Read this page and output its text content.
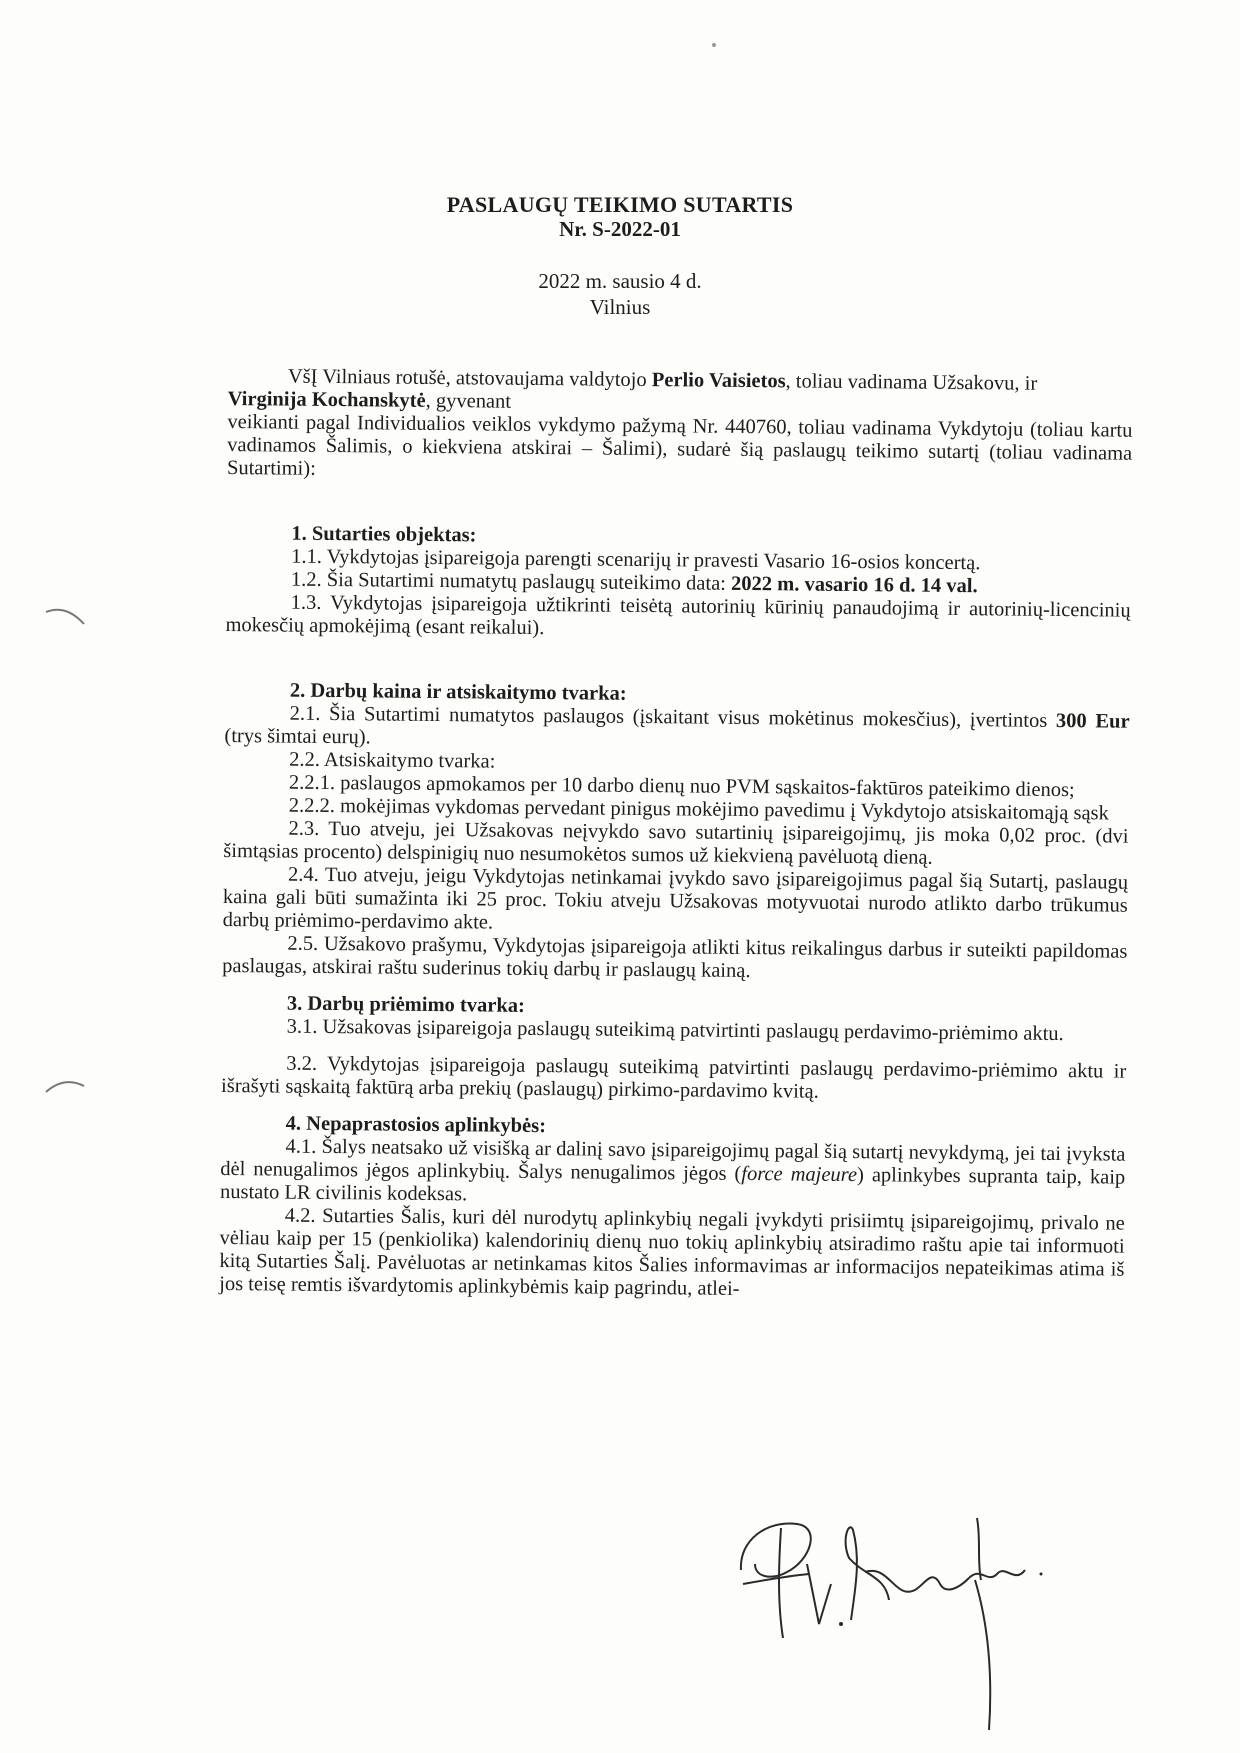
PASLAUGŲ TEIKIMO SUTARTIS
Nr. S-2022-01
2022 m. sausio 4 d.
Vilnius

VšĮ Vilniaus rotušė, atstovaujama valdytojo Perlio Vaisietos, toliau vadinama Užsakovu, ir
Virginija Kochanskytė, gyvenant
veikianti pagal Individualios veiklos vykdymo pažymą Nr. 440760, toliau vadinama Vykdytoju (toliau kartu vadinamos Šalimis, o kiekviena atskirai – Šalimi), sudarė šią paslaugų teikimo sutartį (toliau vadinama Sutartimi):

1. Sutarties objektas:

1.1. Vykdytojas įsipareigoja parengti scenarijų ir pravesti Vasario 16-osios koncertą.

1.2. Šia Sutartimi numatytų paslaugų suteikimo data: 2022 m. vasario 16 d. 14 val.

1.3. Vykdytojas įsipareigoja užtikrinti teisėtą autorinių kūrinių panaudojimą ir autorinių-licencinių mokesčių apmokėjimą (esant reikalui).

2. Darbų kaina ir atsiskaitymo tvarka:

2.1. Šia Sutartimi numatytos paslaugos (įskaitant visus mokėtinus mokesčius), įvertintos 300 Eur (trys šimtai eurų).

2.2. Atsiskaitymo tvarka:

2.2.1. paslaugos apmokamos per 10 darbo dienų nuo PVM sąskaitos-faktūros pateikimo dienos;

2.2.2. mokėjimas vykdomas pervedant pinigus mokėjimo pavedimu į Vykdytojo atsiskaitomąją sąsk

2.3. Tuo atveju, jei Užsakovas neįvykdo savo sutartinių įsipareigojimų, jis moka 0,02 proc. (dvi šimtąsias procento) delspinigių nuo nesumokėtos sumos už kiekvieną pavėluotą dieną.

2.4. Tuo atveju, jeigu Vykdytojas netinkamai įvykdo savo įsipareigojimus pagal šią Sutartį, paslaugų kaina gali būti sumažinta iki 25 proc. Tokiu atveju Užsakovas motyvuotai nurodo atlikto darbo trūkumus darbų priėmimo-perdavimo akte.

2.5. Užsakovo prašymu, Vykdytojas įsipareigoja atlikti kitus reikalingus darbus ir suteikti papildomas paslaugas, atskirai raštu suderinus tokių darbų ir paslaugų kainą.

3. Darbų priėmimo tvarka:

3.1. Užsakovas įsipareigoja paslaugų suteikimą patvirtinti paslaugų perdavimo-priėmimo aktu.

3.2. Vykdytojas įsipareigoja paslaugų suteikimą patvirtinti paslaugų perdavimo-priėmimo aktu ir išrašyti sąskaitą faktūrą arba prekių (paslaugų) pirkimo-pardavimo kvitą.

4. Nepaprastosios aplinkybės:

4.1. Šalys neatsako už visišką ar dalinį savo įsipareigojimų pagal šią sutartį nevykdymą, jei tai įvyksta dėl nenugalimos jėgos aplinkybių. Šalys nenugalimos jėgos (force majeure) aplinkybes supranta taip, kaip nustato LR civilinis kodeksas.

4.2. Sutarties Šalis, kuri dėl nurodytų aplinkybių negali įvykdyti prisiimtų įsipareigojimų, privalo ne vėliau kaip per 15 (penkiolika) kalendorinių dienų nuo tokių aplinkybių atsiradimo raštu apie tai informuoti kitą Sutarties Šalį. Pavėluotas ar netinkamas kitos Šalies informavimas ar informacijos nepateikimas atima iš jos teisę remtis išvardytomis aplinkybėmis kaip pagrindu, atlei-
